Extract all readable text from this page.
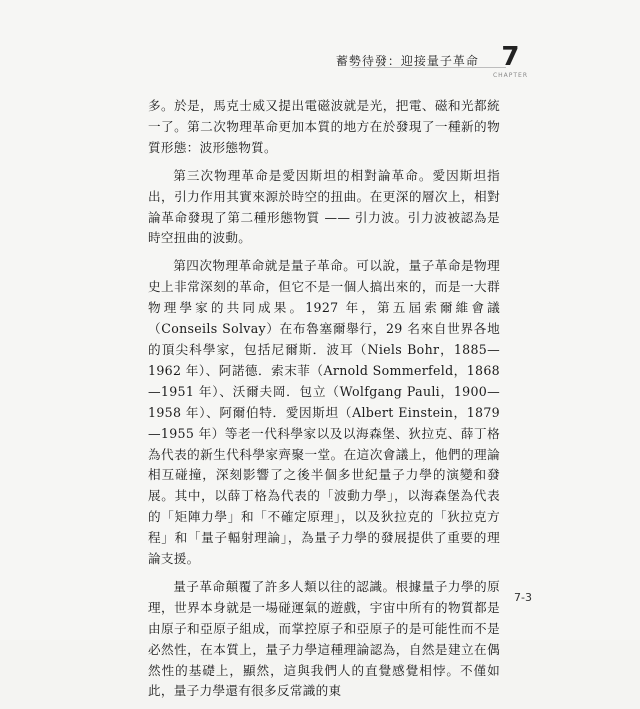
蓄勢待發：迎接量子革命 7
CHAPTER

多。於是，馬克士威又提出電磁波就是光，把電、磁和光都統一了。第二次物理革命更加本質的地方在於發現了一種新的物質形態：波形態物質。

第三次物理革命是愛因斯坦的相對論革命。愛因斯坦指出，引力作用其實來源於時空的扭曲。在更深的層次上，相對論革命發現了第二種形態物質 —— 引力波。引力波被認為是時空扭曲的波動。

第四次物理革命就是量子革命。可以說，量子革命是物理史上非常深刻的革命，但它不是一個人搞出來的，而是一大群物理學家的共同成果。1927 年，第五屆索爾維會議（Conseils Solvay）在布魯塞爾舉行，29 名來自世界各地的頂尖科學家，包括尼爾斯．波耳（Niels Bohr，1885—1962 年）、阿諾德．索末菲（Arnold Sommerfeld，1868—1951 年）、沃爾夫岡．包立（Wolfgang Pauli，1900—1958 年）、阿爾伯特．愛因斯坦（Albert Einstein，1879—1955 年）等老一代科學家以及以海森堡、狄拉克、薛丁格為代表的新生代科學家齊聚一堂。在這次會議上，他們的理論相互碰撞，深刻影響了之後半個多世紀量子力學的演變和發展。其中，以薛丁格為代表的「波動力學」，以海森堡為代表的「矩陣力學」和「不確定原理」，以及狄拉克的「狄拉克方程」和「量子輻射理論」，為量子力學的發展提供了重要的理論支援。

量子革命顛覆了許多人類以往的認識。根據量子力學的原理，世界本身就是一場碰運氣的遊戲，宇宙中所有的物質都是由原子和亞原子組成，而掌控原子和亞原子的是可能性而不是必然性，在本質上，量子力學這種理論認為，自然是建立在偶然性的基礎上，顯然，這與我們人的直覺感覺相悖。不僅如此，量子力學還有很多反常識的東

7-3
